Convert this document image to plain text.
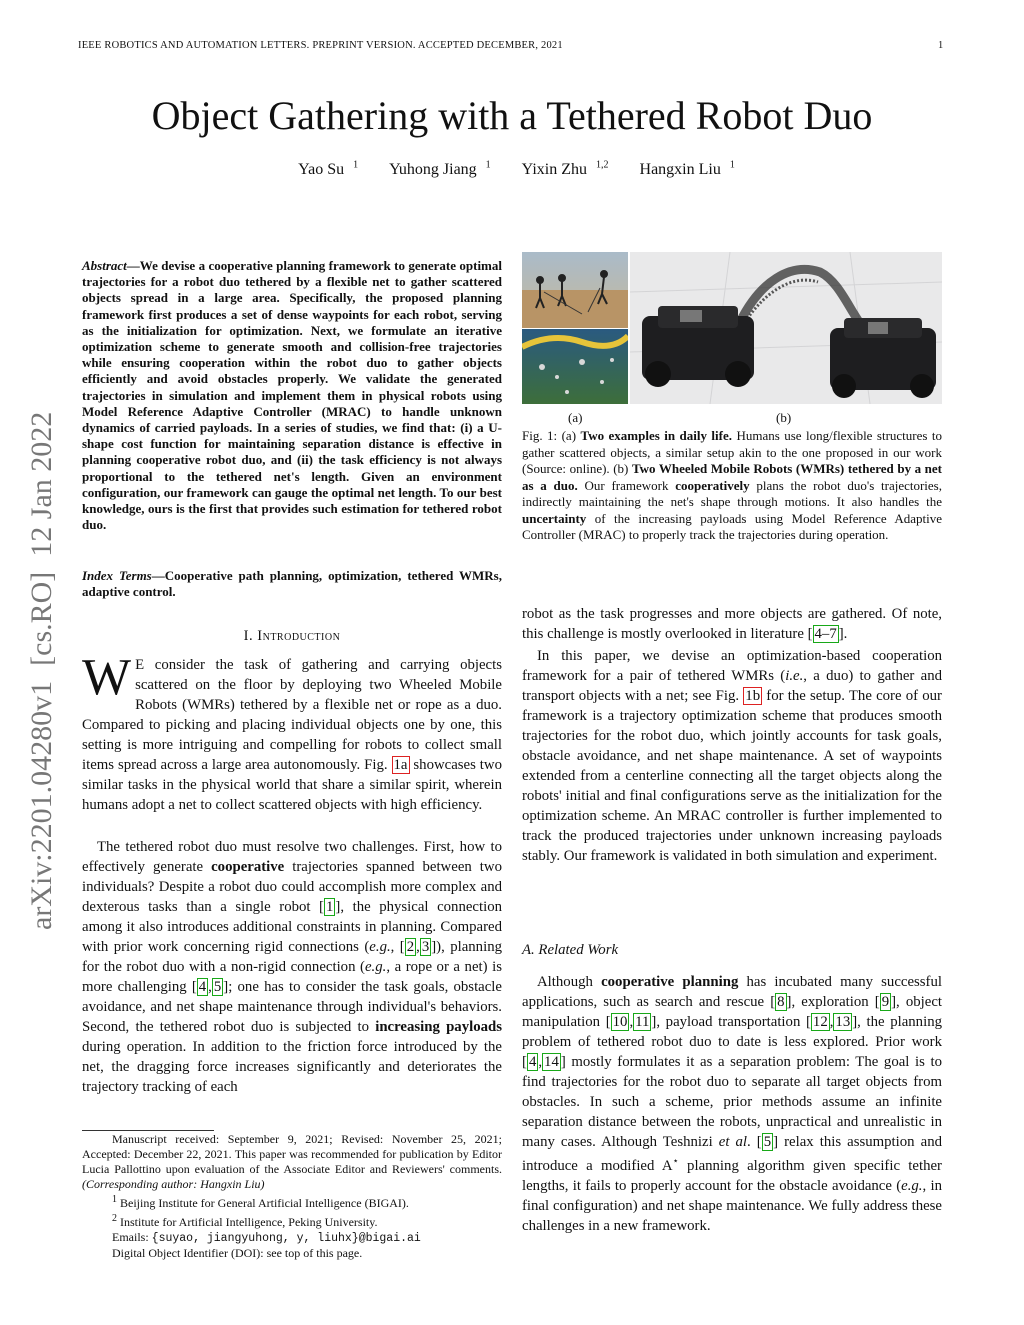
IEEE ROBOTICS AND AUTOMATION LETTERS. PREPRINT VERSION. ACCEPTED DECEMBER, 2021	1
Object Gathering with a Tethered Robot Duo
Yao Su $^1$ Yuhong Jiang $^1$ Yixin Zhu $^{1,2}$ Hangxin Liu $^1$
arXiv:2201.04280v1  [cs.RO]  12 Jan 2022
Abstract—We devise a cooperative planning framework to generate optimal trajectories for a robot duo tethered by a flexible net to gather scattered objects spread in a large area. Specifically, the proposed planning framework first produces a set of dense waypoints for each robot, serving as the initialization for optimization. Next, we formulate an iterative optimization scheme to generate smooth and collision-free trajectories while ensuring cooperation within the robot duo to gather objects efficiently and avoid obstacles properly. We validate the generated trajectories in simulation and implement them in physical robots using Model Reference Adaptive Controller (MRAC) to handle unknown dynamics of carried payloads. In a series of studies, we find that: (i) a U-shape cost function for maintaining separation distance is effective in planning cooperative robot duo, and (ii) the task efficiency is not always proportional to the tethered net's length. Given an environment configuration, our framework can gauge the optimal net length. To our best knowledge, ours is the first that provides such estimation for tethered robot duo.
Index Terms—Cooperative path planning, optimization, tethered WMRs, adaptive control.
I. Introduction
W E consider the task of gathering and carrying objects scattered on the floor by deploying two Wheeled Mobile Robots (WMRs) tethered by a flexible net or rope as a duo. Compared to picking and placing individual objects one by one, this setting is more intriguing and compelling for robots to collect small items spread across a large area autonomously. Fig. 1a showcases two similar tasks in the physical world that share a similar spirit, wherein humans adopt a net to collect scattered objects with high efficiency.
The tethered robot duo must resolve two challenges. First, how to effectively generate cooperative trajectories spanned between two individuals? Despite a robot duo could accomplish more complex and dexterous tasks than a single robot [ 1 ], the physical connection among it also introduces additional constraints in planning. Compared with prior work concerning rigid connections (e.g., [ 2 , 3 ]), planning for the robot duo with a non-rigid connection (e.g., a rope or a net) is more challenging [ 4 , 5 ]; one has to consider the task goals, obstacle avoidance, and net shape maintenance through individual's behaviors. Second, the tethered robot duo is subjected to increasing payloads during operation. In addition to the friction force introduced by the net, the dragging force increases significantly and deteriorates the trajectory tracking of each

Manuscript received: September 9, 2021; Revised: November 25, 2021; Accepted: December 22, 2021. This paper was recommended for publication by Editor Lucia Pallottino upon evaluation of the Associate Editor and Reviewers' comments. (Corresponding author: Hangxin Liu)

$^1$ Beijing Institute for General Artificial Intelligence (BIGAI).

$^2$ Institute for Artificial Intelligence, Peking University.

Emails: {suyao, jiangyuhong, y, liuhx}@bigai.ai

Digital Object Identifier (DOI): see top of this page.

(a)	(b)
Fig. 1: (a) Two examples in daily life. Humans use long/flexible structures to gather scattered objects, a similar setup akin to the one proposed in our work (Source: online). (b) Two Wheeled Mobile Robots (WMRs) tethered by a net as a duo. Our framework cooperatively plans the robot duo's trajectories, indirectly maintaining the net's shape through motions. It also handles the uncertainty of the increasing payloads using Model Reference Adaptive Controller (MRAC) to properly track the trajectories during operation.
robot as the task progresses and more objects are gathered. Of note, this challenge is mostly overlooked in literature [ 4–7 ].
In this paper, we devise an optimization-based cooperation framework for a pair of tethered WMRs (i.e., a duo) to gather and transport objects with a net; see Fig. 1b for the setup. The core of our framework is a trajectory optimization scheme that produces smooth trajectories for the robot duo, which jointly accounts for task goals, obstacle avoidance, and net shape maintenance. A set of waypoints extended from a centerline connecting all the target objects along the robots' initial and final configurations serve as the initialization for the optimization scheme. An MRAC controller is further implemented to track the produced trajectories under unknown increasing payloads stably. Our framework is validated in both simulation and experiment.
A. Related Work
Although cooperative planning has incubated many successful applications, such as search and rescue [ 8 ], exploration [ 9 ], object manipulation [ 10 , 11 ], payload transportation [ 12 , 13 ], the planning problem of tethered robot duo to date is less explored. Prior work [ 4 , 14 ] mostly formulates it as a separation problem: The goal is to find trajectories for the robot duo to separate all target objects from obstacles. In such a scheme, prior methods assume an infinite separation distance between the robots, unpractical and unrealistic in many cases. Although Teshnizi et al. [ 5 ] relax this assumption and introduce a modified A⋆ planning algorithm given specific tether lengths, it fails to properly account for the obstacle avoidance (e.g., in final configuration) and net shape maintenance. We fully address these challenges in a new framework.
